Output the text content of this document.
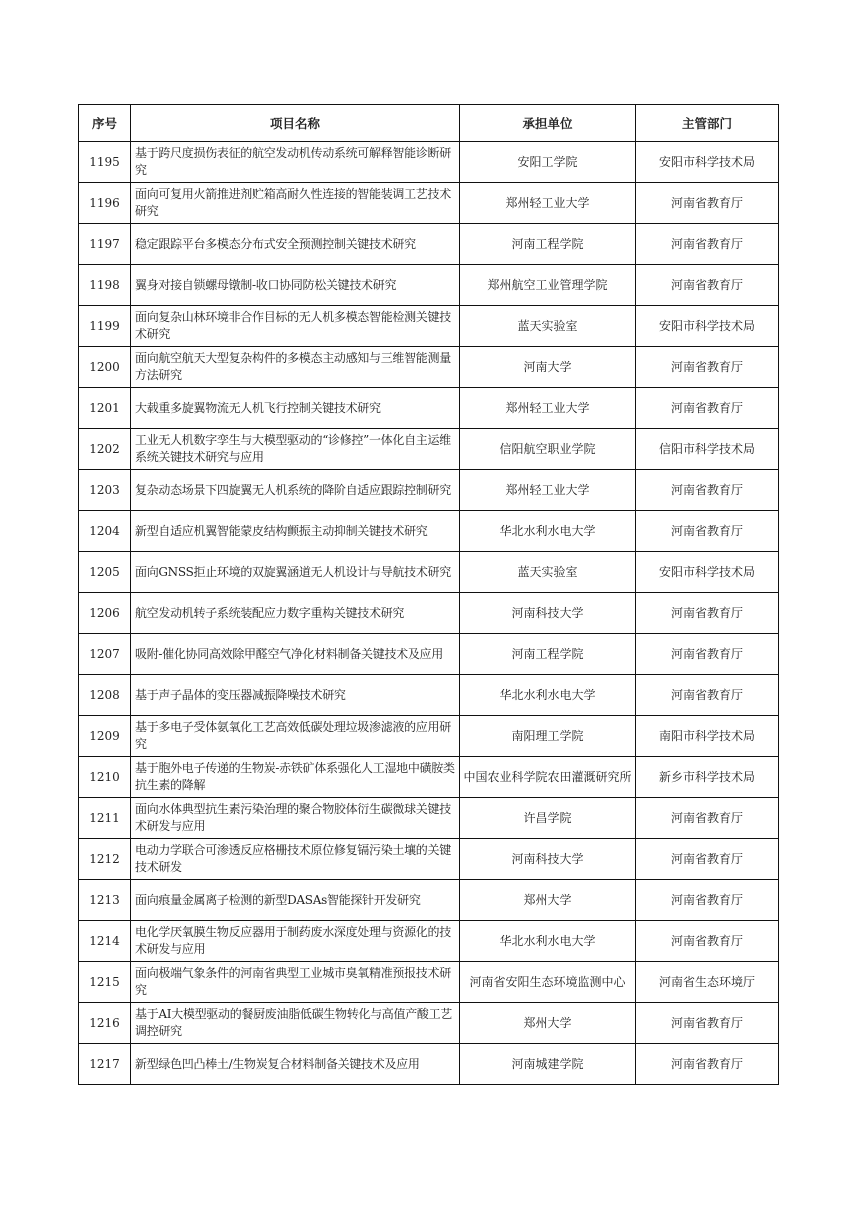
序号	项目名称	承担单位	主管部门
1195	基于跨尺度损伤表征的航空发动机传动系统可解释智能诊断研究	安阳工学院	安阳市科学技术局
1196	面向可复用火箭推进剂贮箱高耐久性连接的智能装调工艺技术研究	郑州轻工业大学	河南省教育厅
1197	稳定跟踪平台多模态分布式安全预测控制关键技术研究	河南工程学院	河南省教育厅
1198	翼身对接自锁螺母镦制-收口协同防松关键技术研究	郑州航空工业管理学院	河南省教育厅
1199	面向复杂山林环境非合作目标的无人机多模态智能检测关键技术研究	蓝天实验室	安阳市科学技术局
1200	面向航空航天大型复杂构件的多模态主动感知与三维智能测量方法研究	河南大学	河南省教育厅
1201	大载重多旋翼物流无人机飞行控制关键技术研究	郑州轻工业大学	河南省教育厅
1202	工业无人机数字孪生与大模型驱动的“诊修控”一体化自主运维系统关键技术研究与应用	信阳航空职业学院	信阳市科学技术局
1203	复杂动态场景下四旋翼无人机系统的降阶自适应跟踪控制研究	郑州轻工业大学	河南省教育厅
1204	新型自适应机翼智能蒙皮结构颤振主动抑制关键技术研究	华北水利水电大学	河南省教育厅
1205	面向GNSS拒止环境的双旋翼涵道无人机设计与导航技术研究	蓝天实验室	安阳市科学技术局
1206	航空发动机转子系统装配应力数字重构关键技术研究	河南科技大学	河南省教育厅
1207	吸附-催化协同高效除甲醛空气净化材料制备关键技术及应用	河南工程学院	河南省教育厅
1208	基于声子晶体的变压器减振降噪技术研究	华北水利水电大学	河南省教育厅
1209	基于多电子受体氨氧化工艺高效低碳处理垃圾渗滤液的应用研究	南阳理工学院	南阳市科学技术局
1210	基于胞外电子传递的生物炭-赤铁矿体系强化人工湿地中磺胺类抗生素的降解	中国农业科学院农田灌溉研究所	新乡市科学技术局
1211	面向水体典型抗生素污染治理的聚合物胶体衍生碳微球关键技术研发与应用	许昌学院	河南省教育厅
1212	电动力学联合可渗透反应格栅技术原位修复镉污染土壤的关键技术研发	河南科技大学	河南省教育厅
1213	面向痕量金属离子检测的新型DASAs智能探针开发研究	郑州大学	河南省教育厅
1214	电化学厌氧膜生物反应器用于制药废水深度处理与资源化的技术研发与应用	华北水利水电大学	河南省教育厅
1215	面向极端气象条件的河南省典型工业城市臭氧精准预报技术研究	河南省安阳生态环境监测中心	河南省生态环境厅
1216	基于AI大模型驱动的餐厨废油脂低碳生物转化与高值产酸工艺调控研究	郑州大学	河南省教育厅
1217	新型绿色凹凸棒土/生物炭复合材料制备关键技术及应用	河南城建学院	河南省教育厅
